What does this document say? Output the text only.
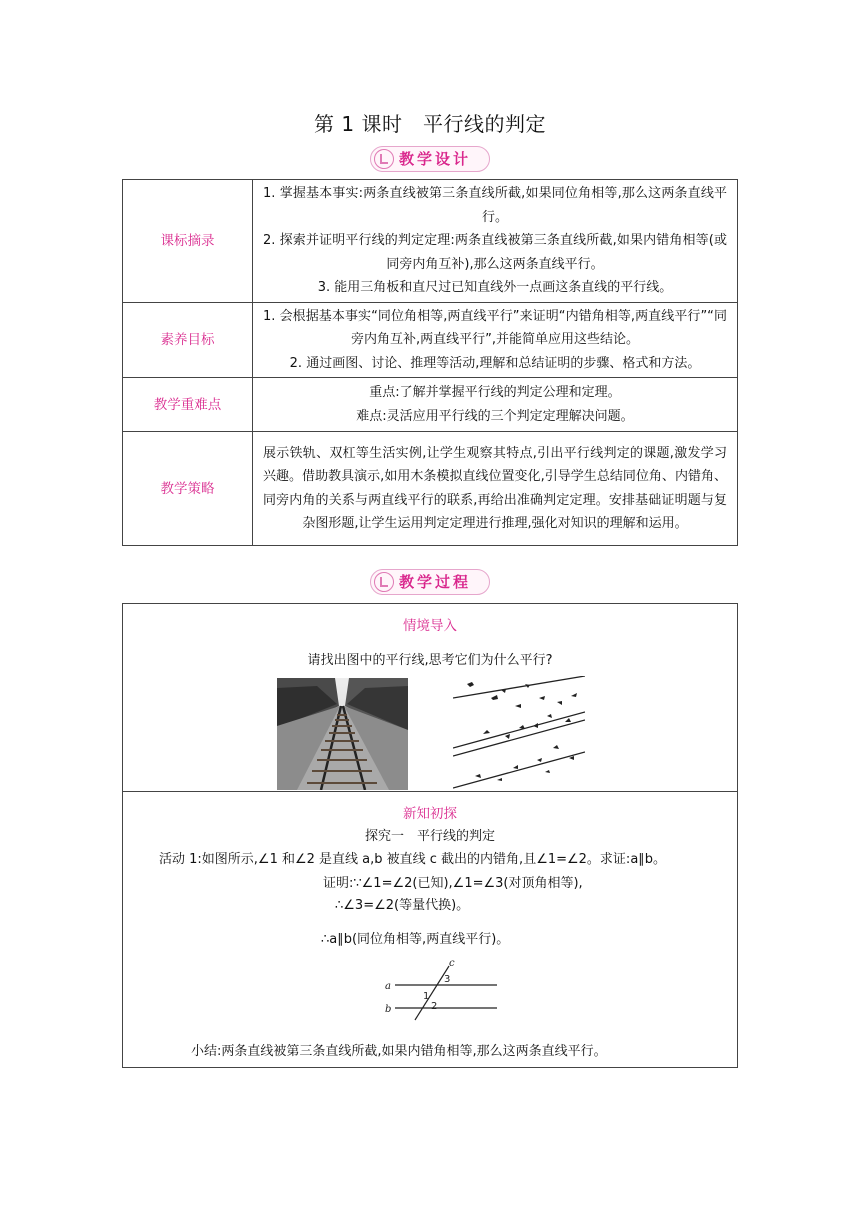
第 1 课时　平行线的判定
教学设计
课标摘录	1. 掌握基本事实:两条直线被第三条直线所截,如果同位角相等,那么这两条直线平行。
2. 探索并证明平行线的判定定理:两条直线被第三条直线所截,如果内错角相等(或同旁内角互补),那么这两条直线平行。
3. 能用三角板和直尺过已知直线外一点画这条直线的平行线。

素养目标	1. 会根据基本事实“同位角相等,两直线平行”来证明“内错角相等,两直线平行”“同旁内角互补,两直线平行”,并能简单应用这些结论。
2. 通过画图、讨论、推理等活动,理解和总结证明的步骤、格式和方法。

教学重难点	重点:了解并掌握平行线的判定公理和定理。
难点:灵活应用平行线的三个判定定理解决问题。

教学策略	展示铁轨、双杠等生活实例,让学生观察其特点,引出平行线判定的课题,激发学习兴趣。借助教具演示,如用木条模拟直线位置变化,引导学生总结同位角、内错角、同旁内角的关系与两直线平行的联系,再给出准确判定定理。安排基础证明题与复杂图形题,让学生运用判定定理进行推理,强化对知识的理解和运用。
教学过程
情境导入
请找出图中的平行线,思考它们为什么平行?
新知初探
探究一　平行线的判定
活动 1:如图所示,∠1 和∠2 是直线 a,b 被直线 c 截出的内错角,且∠1=∠2。求证:a∥b。
证明:∵∠1=∠2(已知),∠1=∠3(对顶角相等),
∴∠3=∠2(等量代换)。
∴a∥b(同位角相等,两直线平行)。
a
b
c
1
2
3
小结:两条直线被第三条直线所截,如果内错角相等,那么这两条直线平行。
